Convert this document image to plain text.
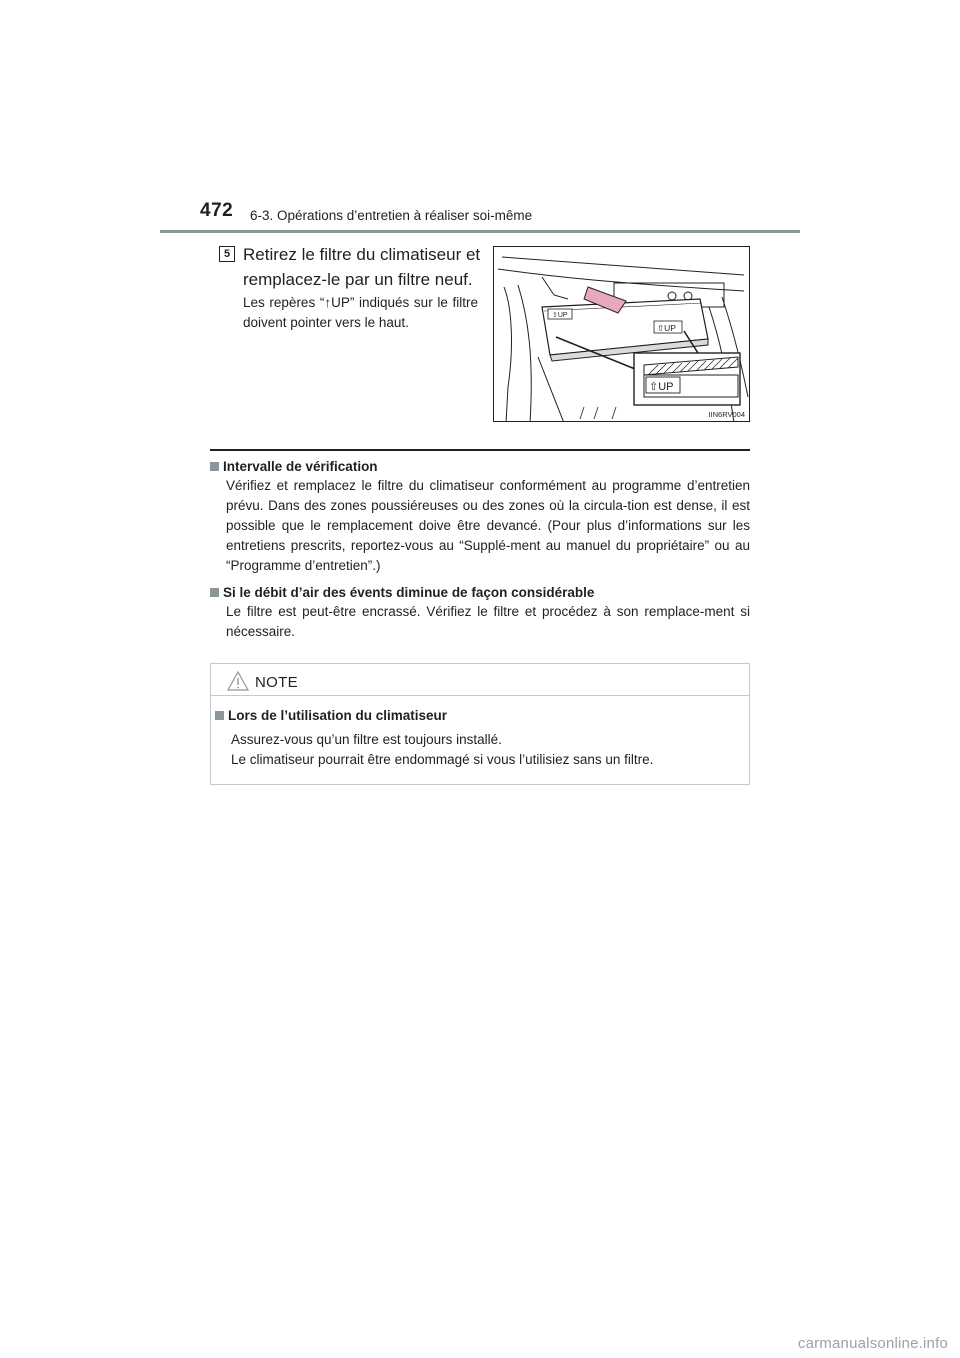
472 6-3. Opérations d’entretien à réaliser soi-même
5 Retirez le filtre du climatiseur et remplacez-le par un filtre neuf.
Les repères “↑UP” indiqués sur le filtre doivent pointer vers le haut.	⇧UP
⇧UP
⇧UP
IIN6RV004
Intervalle de vérification
Vérifiez et remplacez le filtre du climatiseur conformément au programme d’entretien prévu. Dans des zones poussiéreuses ou des zones où la circula-tion est dense, il est possible que le remplacement doive être devancé. (Pour plus d’informations sur les entretiens prescrits, reportez-vous au “Supplé-ment au manuel du propriétaire” ou au “Programme d’entretien”.)
Si le débit d’air des évents diminue de façon considérable
Le filtre est peut-être encrassé. Vérifiez le filtre et procédez à son remplace-ment si nécessaire.
NOTE
Lors de l’utilisation du climatiseur
Assurez-vous qu’un filtre est toujours installé.
Le climatiseur pourrait être endommagé si vous l’utilisiez sans un filtre.
carmanualsonline.info
